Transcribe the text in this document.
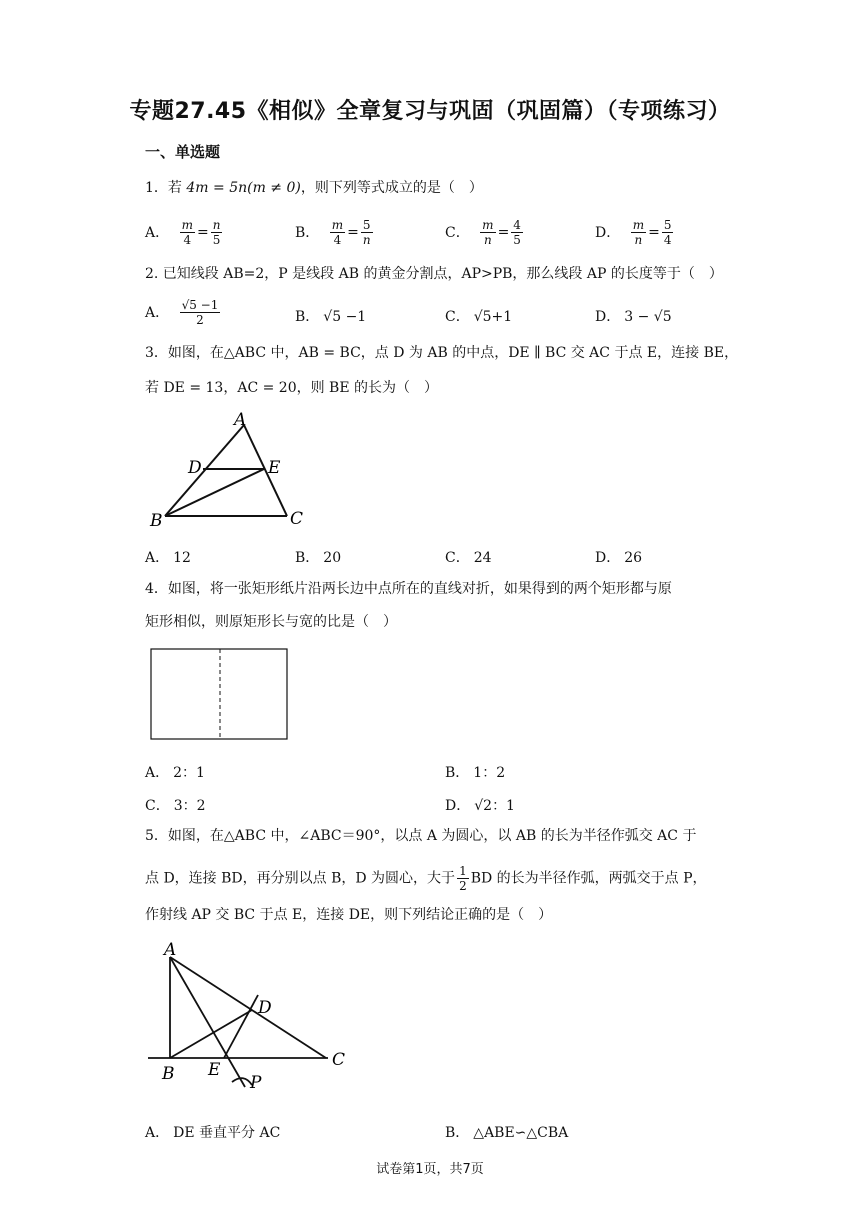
专题27.45《相似》全章复习与巩固（巩固篇）（专项练习）
一、单选题
1．若 4m = 5n(m ≠ 0)，则下列等式成立的是（　）
A． $\frac{m}{4} = \frac{n}{5}$	B． $\frac{m}{4} = \frac{5}{n}$	C． $\frac{m}{n} = \frac{4}{5}$	D． $\frac{m}{n} = \frac{5}{4}$
2. 已知线段 AB=2，P 是线段 AB 的黄金分割点，AP>PB，那么线段 AP 的长度等于（　）
A． $\frac{√5 -1}{2}$	B． √5 −1	C． √5+1	D． 3 − √5
3．如图，在△ABC 中，AB = BC，点 D 为 AB 的中点，DE ∥ BC 交 AC 于点 E，连接 BE，
若 DE = 13，AC = 20，则 BE 的长为（　）
A
D	E
B	C
A． 12	B． 20	C． 24	D． 26
4．如图，将一张矩形纸片沿两长边中点所在的直线对折，如果得到的两个矩形都与原
矩形相似，则原矩形长与宽的比是（　）
A． 2：1	B． 1：2
C． 3：2	D． √2：1
5．如图，在△ABC 中，∠ABC＝90°，以点 A 为圆心，以 AB 的长为半径作弧交 AC 于
点 D，连接 BD，再分别以点 B，D 为圆心，大于 $\frac{1}{2}$ BD 的长为半径作弧，两弧交于点 P，
作射线 AP 交 BC 于点 E，连接 DE，则下列结论正确的是（　）
A
D
B E	C
P
A． DE 垂直平分 AC	B． △ABE∽△CBA
试卷第1页，共7页
